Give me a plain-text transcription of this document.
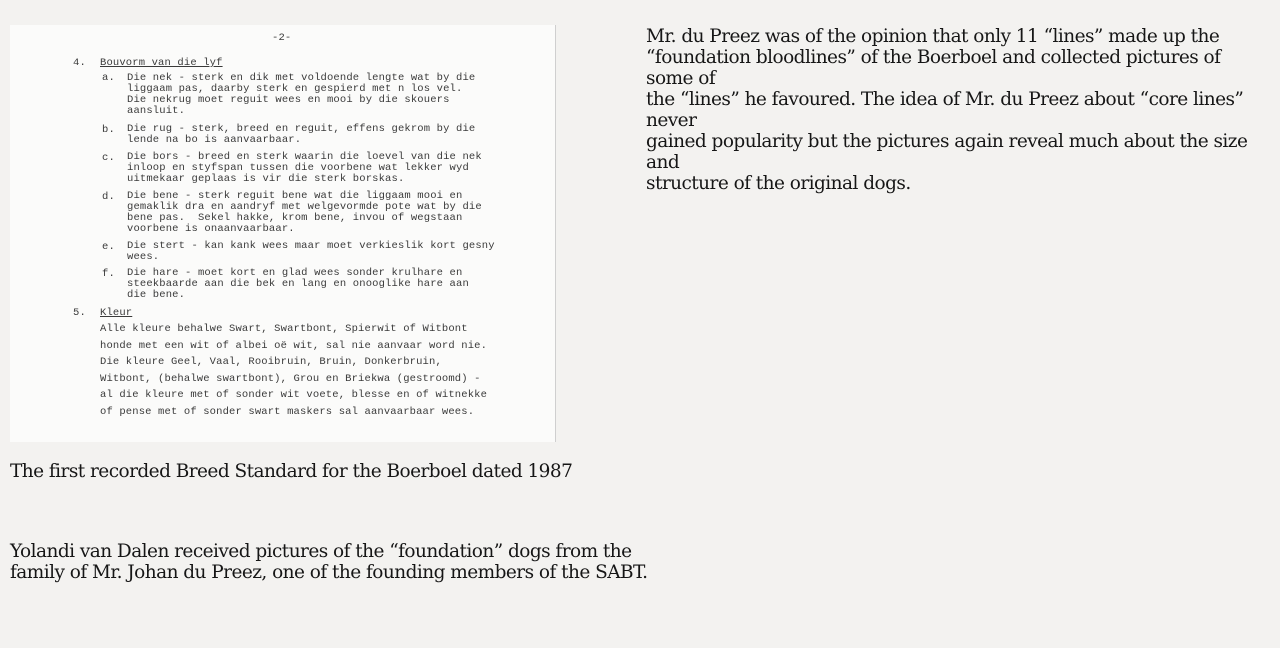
-2-
4. Bouvorm van die lyf
a. Die nek - sterk en dik met voldoende lengte wat by die
liggaam pas, daarby sterk en gespierd met n los vel.
Die nekrug moet reguit wees en mooi by die skouers
aansluit.
b. Die rug - sterk, breed en reguit, effens gekrom by die
lende na bo is aanvaarbaar.
c. Die bors - breed en sterk waarin die loevel van die nek
inloop en styfspan tussen die voorbene wat lekker wyd
uitmekaar geplaas is vir die sterk borskas.
d. Die bene - sterk reguit bene wat die liggaam mooi en
gemaklik dra en aandryf met welgevormde pote wat by die
bene pas.  Sekel hakke, krom bene, invou of wegstaan
voorbene is onaanvaarbaar.
e. Die stert - kan kank wees maar moet verkieslik kort gesny
wees.
f. Die hare - moet kort en glad wees sonder krulhare en
steekbaarde aan die bek en lang en onooglike hare aan
die bene.
5. Kleur
Alle kleure behalwe Swart, Swartbont, Spierwit of Witbont
honde met een wit of albei oë wit, sal nie aanvaar word nie.
Die kleure Geel, Vaal, Rooibruin, Bruin, Donkerbruin,
Witbont, (behalwe swartbont), Grou en Briekwa (gestroomd) -
al die kleure met of sonder wit voete, blesse en of witnekke
of pense met of sonder swart maskers sal aanvaarbaar wees.
The first recorded Breed Standard for the Boerboel dated 1987
Yolandi van Dalen received pictures of the “foundation” dogs from the
family of Mr. Johan du Preez, one of the founding members of the SABT.
Mr. du Preez was of the opinion that only 11 “lines” made up the
“foundation bloodlines” of the Boerboel and collected pictures of some of
the “lines” he favoured. The idea of Mr. du Preez about “core lines” never
gained popularity but the pictures again reveal much about the size and
structure of the original dogs.
